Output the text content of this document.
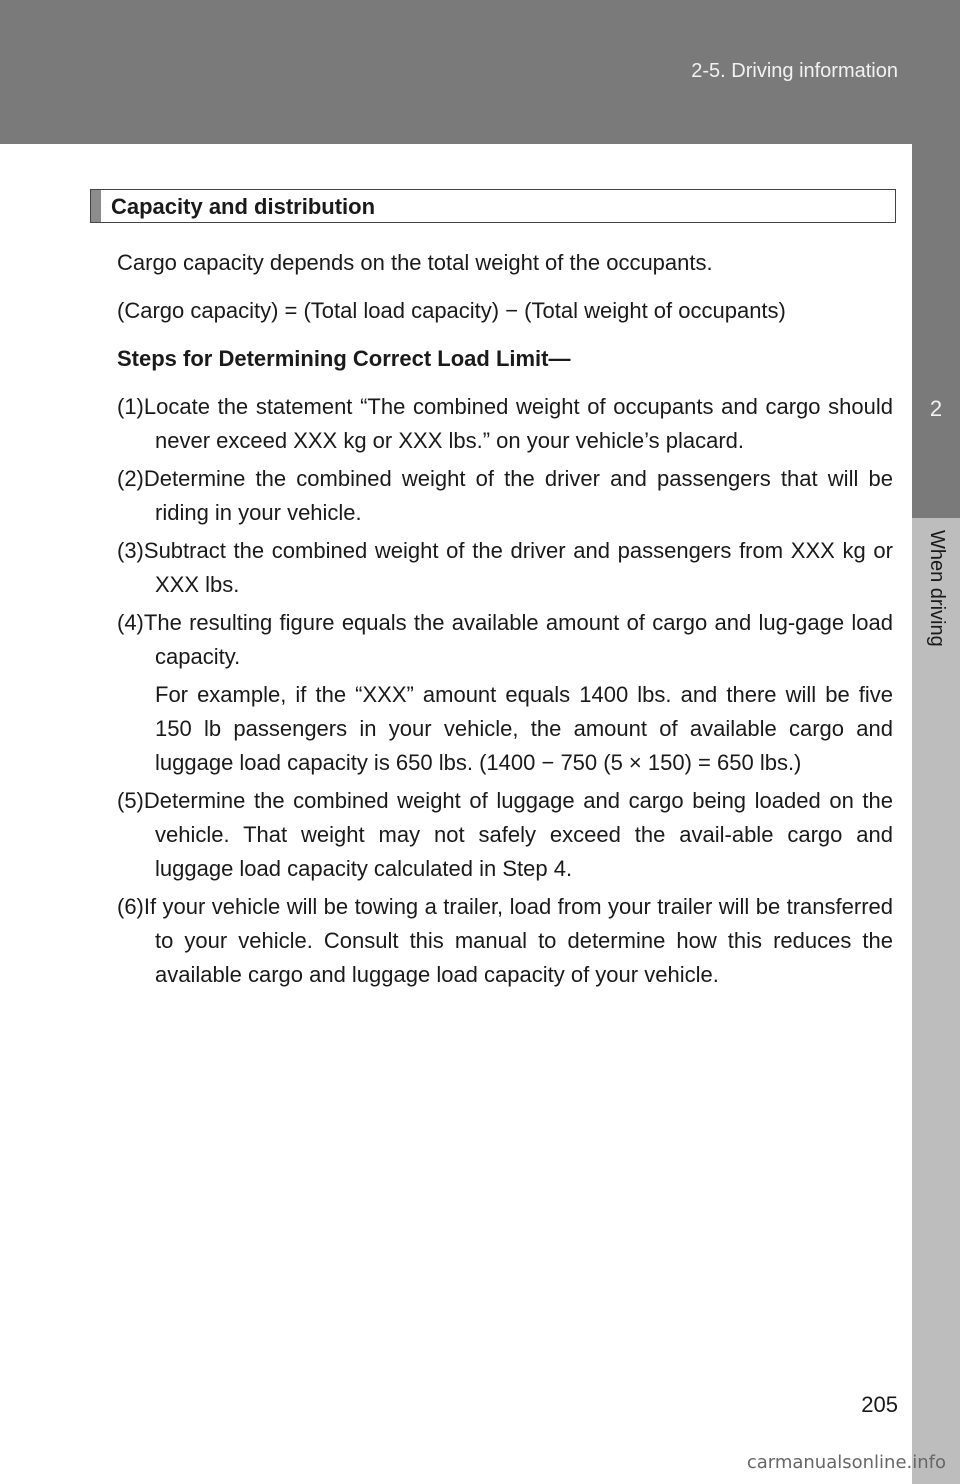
2-5. Driving information
2
When driving
Capacity and distribution

Cargo capacity depends on the total weight of the occupants.

(Cargo capacity) = (Total load capacity) − (Total weight of occupants)

Steps for Determining Correct Load Limit—

(1)Locate the statement “The combined weight of occupants and cargo should never exceed XXX kg or XXX lbs.” on your vehicle’s placard.

(2)Determine the combined weight of the driver and passengers that will be riding in your vehicle.

(3)Subtract the combined weight of the driver and passengers from XXX kg or XXX lbs.

(4)The resulting figure equals the available amount of cargo and lug-gage load capacity.

For example, if the “XXX” amount equals 1400 lbs. and there will be five 150 lb passengers in your vehicle, the amount of available cargo and luggage load capacity is 650 lbs. (1400 − 750 (5 × 150) = 650 lbs.)

(5)Determine the combined weight of luggage and cargo being loaded on the vehicle. That weight may not safely exceed the avail-able cargo and luggage load capacity calculated in Step 4.

(6)If your vehicle will be towing a trailer, load from your trailer will be transferred to your vehicle. Consult this manual to determine how this reduces the available cargo and luggage load capacity of your vehicle.

205
carmanualsonline.info
